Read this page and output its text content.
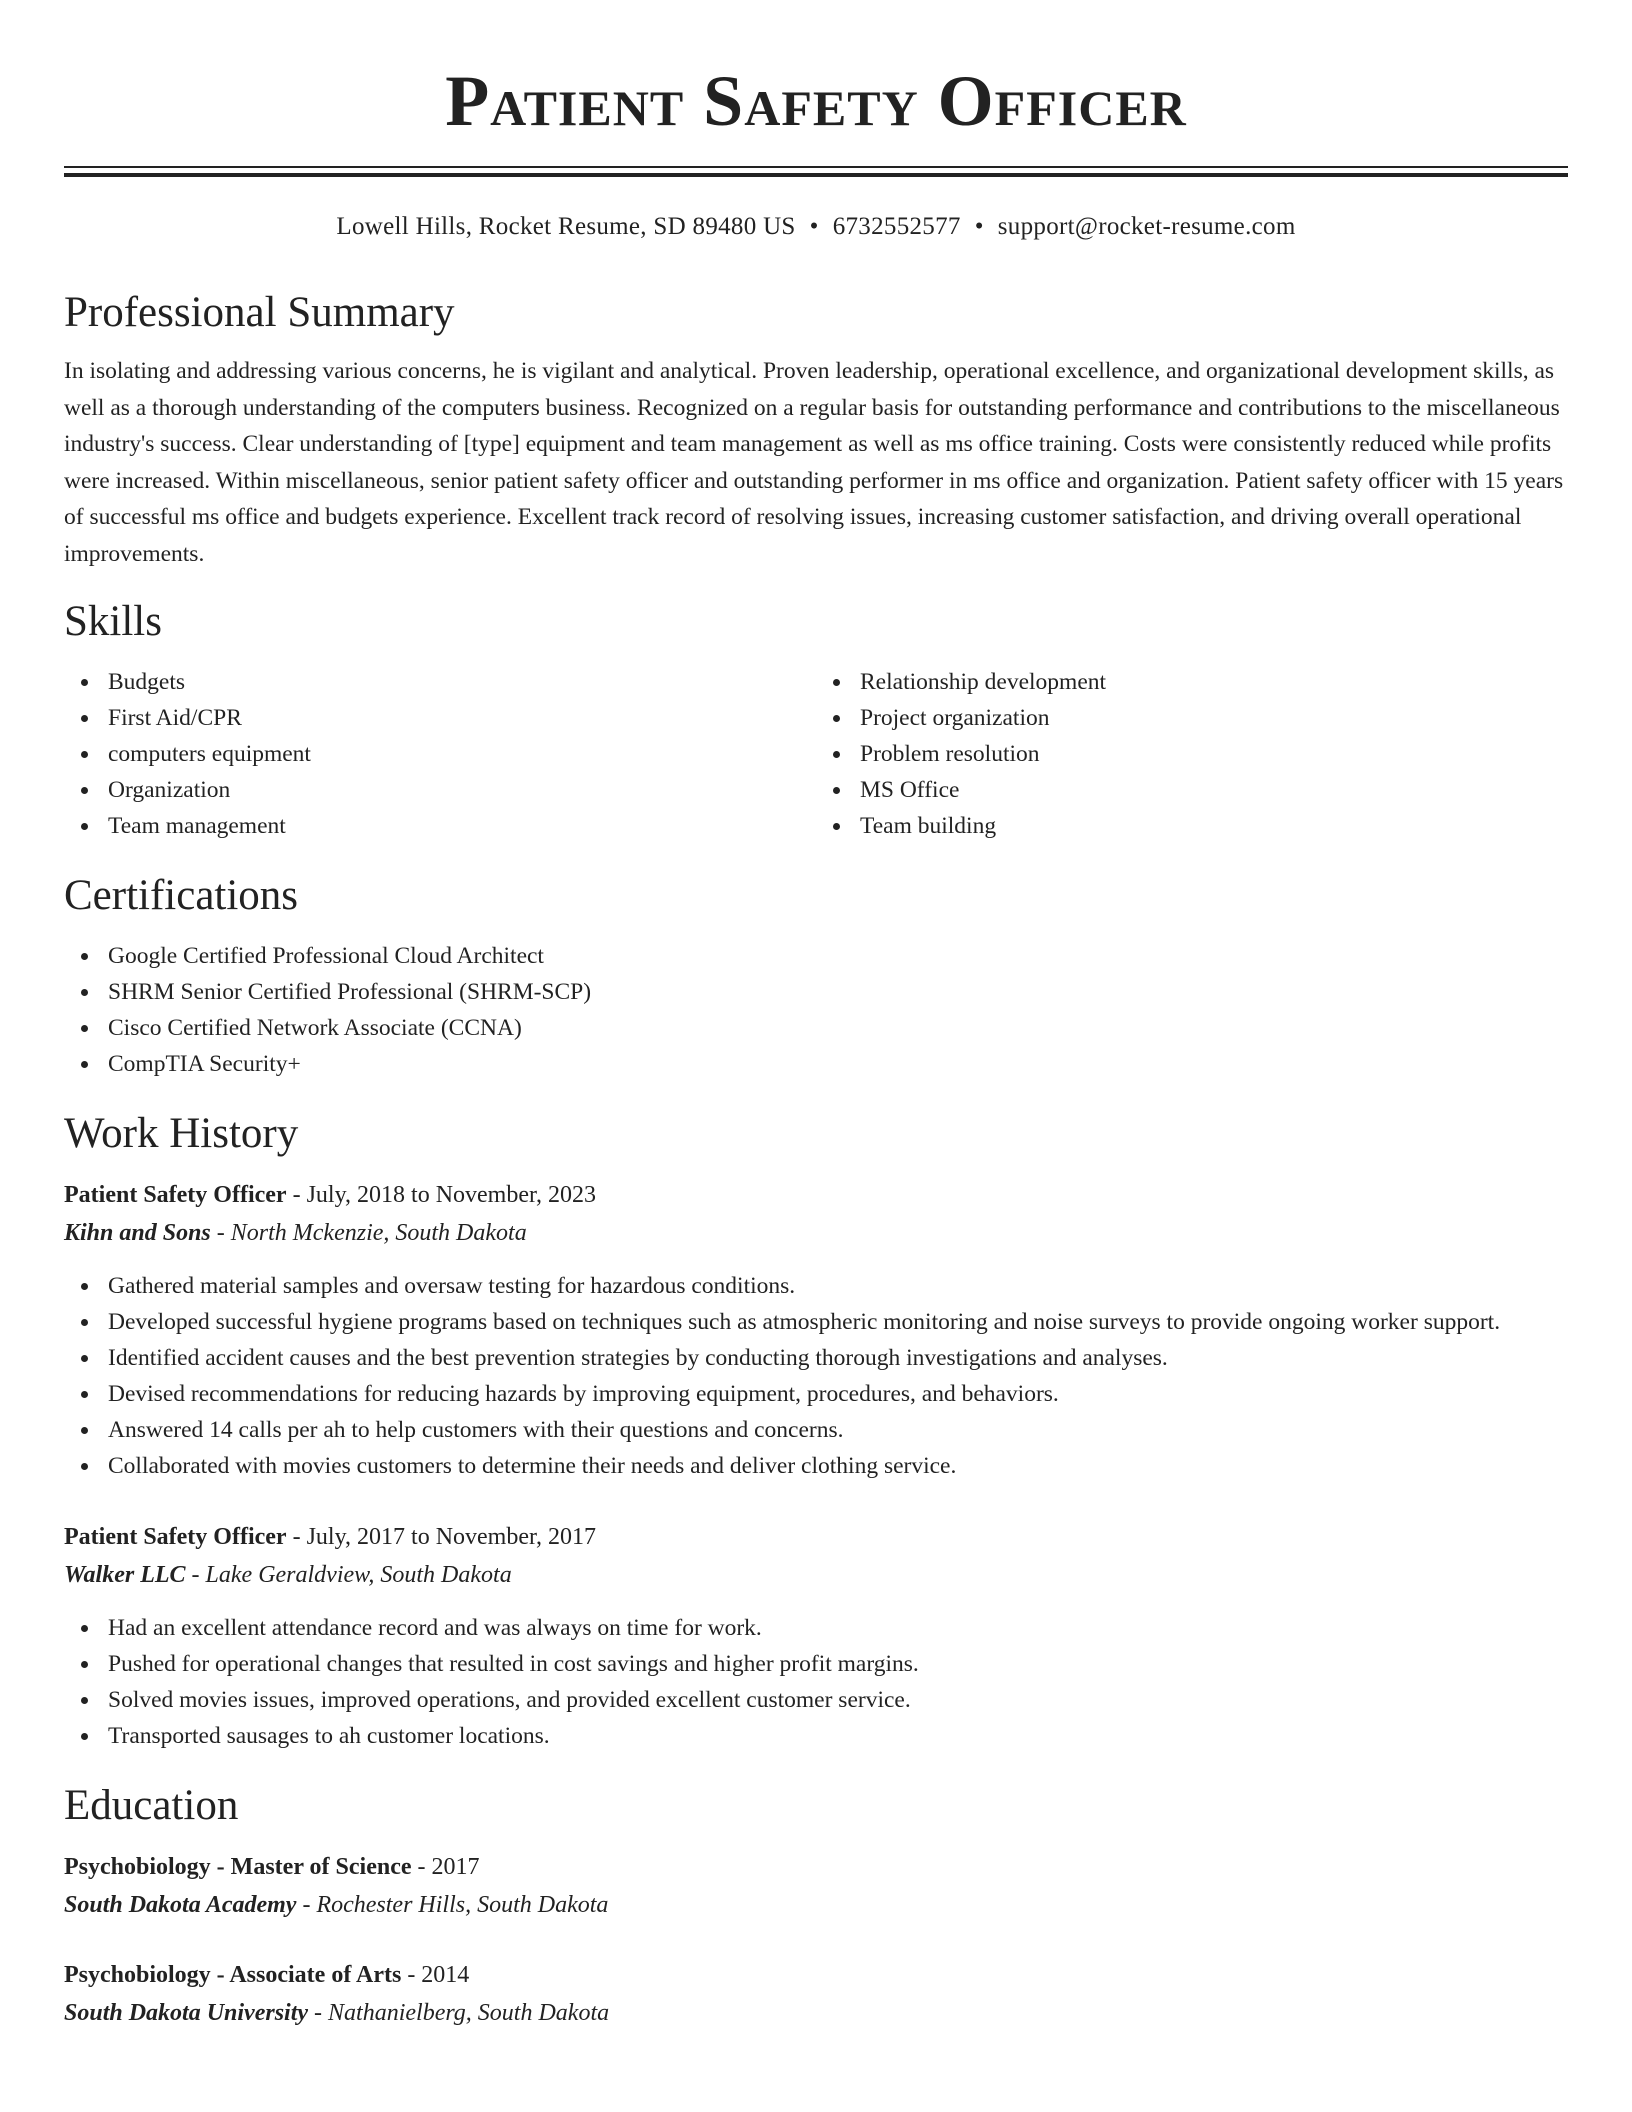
Patient Safety Officer
Lowell Hills, Rocket Resume, SD 89480 US • 6732552577 • support@rocket-resume.com
Professional Summary
In isolating and addressing various concerns, he is vigilant and analytical. Proven leadership, operational excellence, and organizational development skills, as well as a thorough understanding of the computers business. Recognized on a regular basis for outstanding performance and contributions to the miscellaneous industry's success. Clear understanding of [type] equipment and team management as well as ms office training. Costs were consistently reduced while profits were increased. Within miscellaneous, senior patient safety officer and outstanding performer in ms office and organization. Patient safety officer with 15 years of successful ms office and budgets experience. Excellent track record of resolving issues, increasing customer satisfaction, and driving overall operational improvements.
Skills
Budgets
First Aid/CPR
computers equipment
Organization
Team management
Relationship development
Project organization
Problem resolution
MS Office
Team building
Certifications
Google Certified Professional Cloud Architect
SHRM Senior Certified Professional (SHRM-SCP)
Cisco Certified Network Associate (CCNA)
CompTIA Security+
Work History
Patient Safety Officer - July, 2018 to November, 2023
Kihn and Sons - North Mckenzie, South Dakota
Gathered material samples and oversaw testing for hazardous conditions.
Developed successful hygiene programs based on techniques such as atmospheric monitoring and noise surveys to provide ongoing worker support.
Identified accident causes and the best prevention strategies by conducting thorough investigations and analyses.
Devised recommendations for reducing hazards by improving equipment, procedures, and behaviors.
Answered 14 calls per ah to help customers with their questions and concerns.
Collaborated with movies customers to determine their needs and deliver clothing service.
Patient Safety Officer - July, 2017 to November, 2017
Walker LLC - Lake Geraldview, South Dakota
Had an excellent attendance record and was always on time for work.
Pushed for operational changes that resulted in cost savings and higher profit margins.
Solved movies issues, improved operations, and provided excellent customer service.
Transported sausages to ah customer locations.
Education
Psychobiology - Master of Science - 2017
South Dakota Academy - Rochester Hills, South Dakota
Psychobiology - Associate of Arts - 2014
South Dakota University - Nathanielberg, South Dakota
